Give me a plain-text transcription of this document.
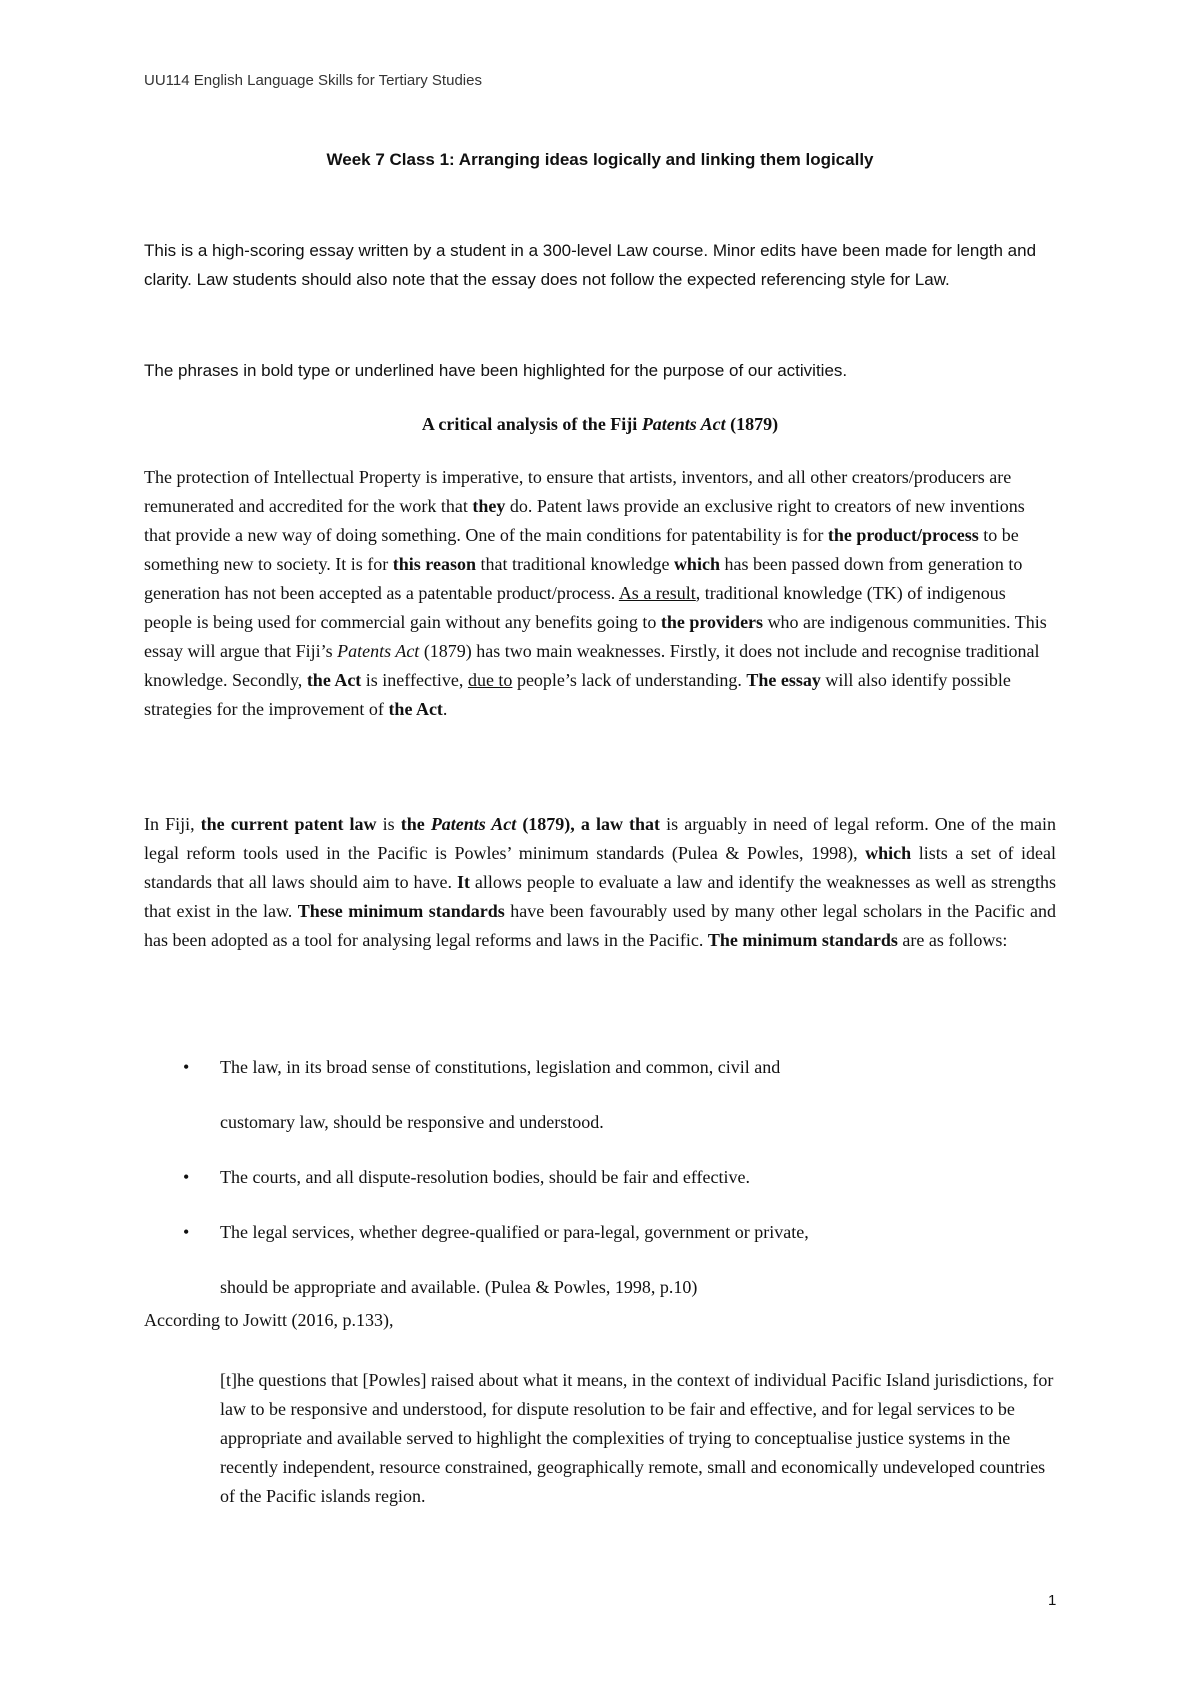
UU114 English Language Skills for Tertiary Studies
Week 7 Class 1: Arranging ideas logically and linking them logically
This is a high-scoring essay written by a student in a 300-level Law course. Minor edits have been made for length and clarity. Law students should also note that the essay does not follow the expected referencing style for Law.
The phrases in bold type or underlined have been highlighted for the purpose of our activities.
A critical analysis of the Fiji Patents Act (1879)
The protection of Intellectual Property is imperative, to ensure that artists, inventors, and all other creators/producers are remunerated and accredited for the work that they do. Patent laws provide an exclusive right to creators of new inventions that provide a new way of doing something. One of the main conditions for patentability is for the product/process to be something new to society. It is for this reason that traditional knowledge which has been passed down from generation to generation has not been accepted as a patentable product/process. As a result, traditional knowledge (TK) of indigenous people is being used for commercial gain without any benefits going to the providers who are indigenous communities. This essay will argue that Fiji’s Patents Act (1879) has two main weaknesses. Firstly, it does not include and recognise traditional knowledge. Secondly, the Act is ineffective, due to people’s lack of understanding. The essay will also identify possible strategies for the improvement of the Act.
In Fiji, the current patent law is the Patents Act (1879), a law that is arguably in need of legal reform. One of the main legal reform tools used in the Pacific is Powles’ minimum standards (Pulea & Powles, 1998), which lists a set of ideal standards that all laws should aim to have. It allows people to evaluate a law and identify the weaknesses as well as strengths that exist in the law. These minimum standards have been favourably used by many other legal scholars in the Pacific and has been adopted as a tool for analysing legal reforms and laws in the Pacific. The minimum standards are as follows:
• The law, in its broad sense of constitutions, legislation and common, civil and
customary law, should be responsive and understood.
• The courts, and all dispute-resolution bodies, should be fair and effective.
• The legal services, whether degree-qualified or para-legal, government or private,
should be appropriate and available. (Pulea & Powles, 1998, p.10)
According to Jowitt (2016, p.133),
[t]he questions that [Powles] raised about what it means, in the context of individual Pacific Island jurisdictions, for law to be responsive and understood, for dispute resolution to be fair and effective, and for legal services to be appropriate and available served to highlight the complexities of trying to conceptualise justice systems in the recently independent, resource constrained, geographically remote, small and economically undeveloped countries of the Pacific islands region.
1
